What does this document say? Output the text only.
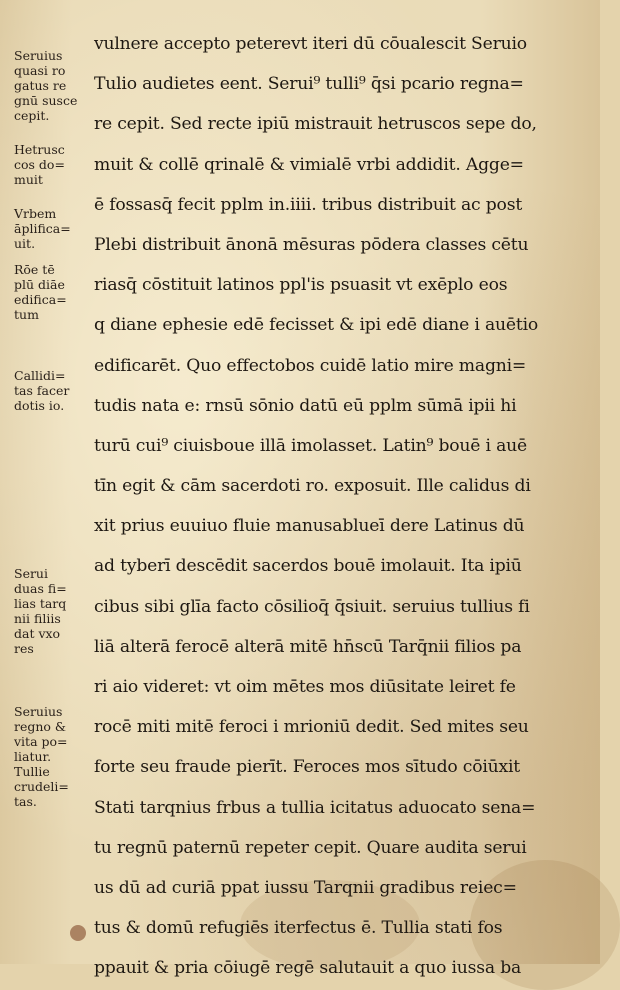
Seruius
quasi ro
gatus re
gnū susce
cepit.
Hetrusc
cos do=
muit
Vrbem
āplifica=
uit.
Rōe tē
plū diāe
edifica=
tum
Callidi=
tas facer
dotis io.
Serui
duas fi=
lias tarq
nii filiis
dat vxo
res
Seruius
regno &
vita po=
liatur.
Tullie
crudeli=
tas.
vulnere accepto peterevt iteri dū cōualescit Seruio
Tulio audietes eent. Serui⁹ tulli⁹ q̄si pcario regna=
re cepit. Sed recte ipiū mistrauit hetruscos sepe do,
muit & collē qrinalē & vimialē vrbi addidit. Agge=
ē fossasq̄ fecit pplm in.iiii. tribus distribuit ac post
Plebi distribuit ānonā mēsuras pōdera classes cētu
riasq̄ cōstituit latinos ppl'is psuasit vt exēplo eos
q diane ephesie edē fecisset & ipi edē diane i auētio
edificarēt. Quo effectobos cuidē latio mire magni=
tudis nata e: rnsū sōnio datū eū pplm sūmā ipii hi
turū cui⁹ ciuisboue illā imolasset. Latin⁹ bouē i auē
tīn egit & cām sacerdoti ro. exposuit. Ille calidus di
xit prius euuiuo fluie manusablueī dere Latinus dū
ad tyberī descēdit sacerdos bouē imolauit. Ita ipiū
cibus sibi glīa facto cōsilioq̄ q̄siuit. seruius tullius fi
liā alterā ferocē alterā mitē hn̄scū Tarq̄nii filios pa
ri aio videret: vt oim mētes mos diūsitate leiret fe
rocē miti mitē feroci i mrioniū dedit. Sed mites seu
forte seu fraude pierīt. Feroces mos sītudo cōiūxit
Stati tarqnius frbus a tullia icitatus aduocato sena=
tu regnū paternū repeter cepit. Quare audita serui
us dū ad curiā ppat iussu Tarqnii gradibus reiec=
tus & domū refugiēs iterfectus ē. Tullia stati fos
ppauit & pria cōiugē regē salutauit a quo iussa ba
